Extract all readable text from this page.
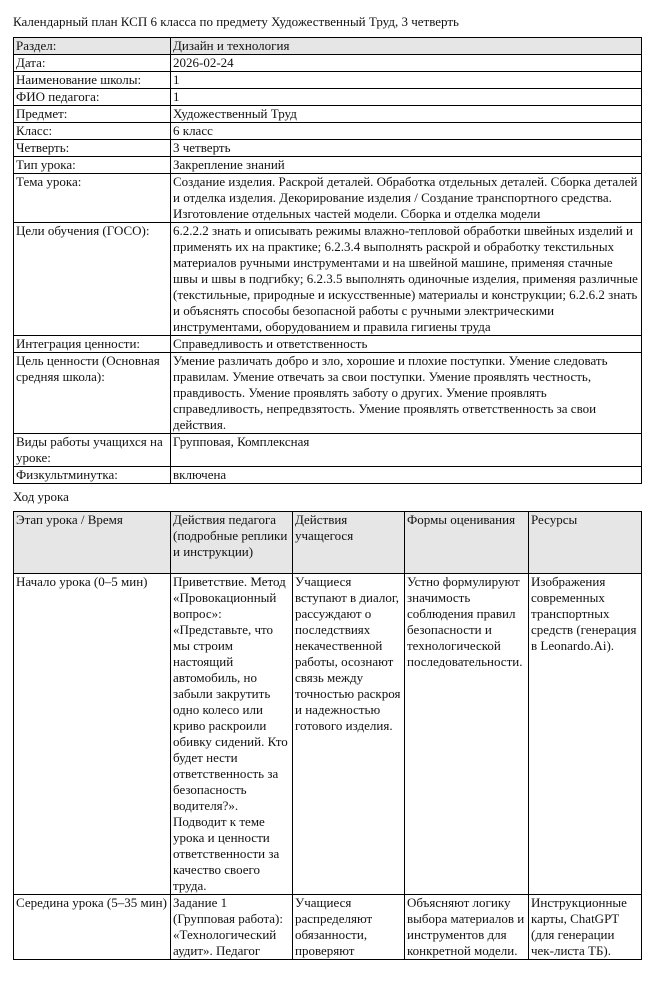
Календарный план КСП 6 класса по предмету Художественный Труд, 3 четверть
Раздел:	Дизайн и технология
Дата:	2026-02-24
Наименование школы:	1
ФИО педагога:	1
Предмет:	Художественный Труд
Класс:	6 класс
Четверть:	3 четверть
Тип урока:	Закрепление знаний
Тема урока:	Создание изделия. Раскрой деталей. Обработка отдельных деталей. Сборка деталей и отделка изделия. Декорирование изделия / Создание транспортного средства. Изготовление отдельных частей модели. Сборка и отделка модели
Цели обучения (ГОСО):	6.2.2.2 знать и описывать режимы влажно-тепловой обработки швейных изделий и применять их на практике; 6.2.3.4 выполнять раскрой и обработку текстильных материалов ручными инструментами и на швейной машине, применяя стачные швы и швы в подгибку; 6.2.3.5 выполнять одиночные изделия, применяя различные (текстильные, природные и искусственные) материалы и конструкции; 6.2.6.2 знать и объяснять способы безопасной работы с ручными электрическими инструментами, оборудованием и правила гигиены труда
Интеграция ценности:	Справедливость и ответственность
Цель ценности (Основная средняя школа):	Умение различать добро и зло, хорошие и плохие поступки. Умение следовать правилам. Умение отвечать за свои поступки. Умение проявлять честность, правдивость. Умение проявлять заботу о других. Умение проявлять справедливость, непредвзятость. Умение проявлять ответственность за свои действия.
Виды работы учащихся на уроке:	Групповая, Комплексная
Физкультминутка:	включена
Ход урока
Этап урока / Время	Действия педагога (подробные реплики и инструкции)	Действия учащегося	Формы оценивания	Ресурсы
Начало урока (0–5 мин)	Приветствие. Метод «Провокационный вопрос»: «Представьте, что мы строим настоящий автомобиль, но забыли закрутить одно колесо или криво раскроили обивку сидений. Кто будет нести ответственность за безопасность водителя?». Подводит к теме урока и ценности ответственности за качество своего труда.	Учащиеся вступают в диалог, рассуждают о последствиях некачественной работы, осознают связь между точностью раскроя и надежностью готового изделия.	Устно формулируют значимость соблюдения правил безопасности и технологической последовательности.	Изображения современных транспортных средств (генерация в Leonardo.Ai).
Середина урока (5–35 мин)	Задание 1 (Групповая работа): «Технологический аудит». Педагог	Учащиеся распределяют обязанности, проверяют	Объясняют логику выбора материалов и инструментов для конкретной модели.	Инструкционные карты, ChatGPT (для генерации чек-листа ТБ).
